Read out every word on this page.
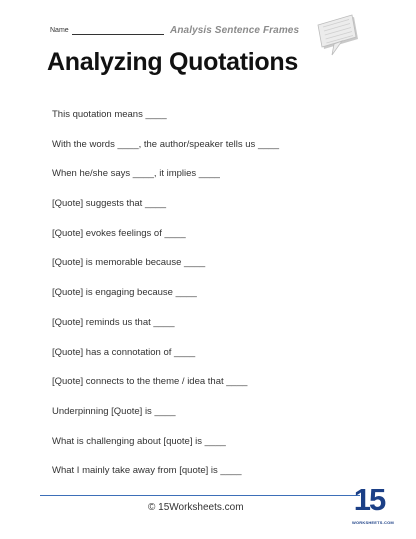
Name	Analysis Sentence Frames
Analyzing Quotations
This quotation means ____
With the words ____, the author/speaker tells us ____
When he/she says ____, it implies ____
[Quote] suggests that ____
[Quote] evokes feelings of ____
[Quote] is memorable because ____
[Quote] is engaging because ____
[Quote] reminds us that ____
[Quote] has a connotation of ____
[Quote] connects to the theme / idea that ____
Underpinning [Quote] is ____
What is challenging about [quote] is ____
What I mainly take away from [quote] is ____
© 15Worksheets.com	15
WORKSHEETS.COM
